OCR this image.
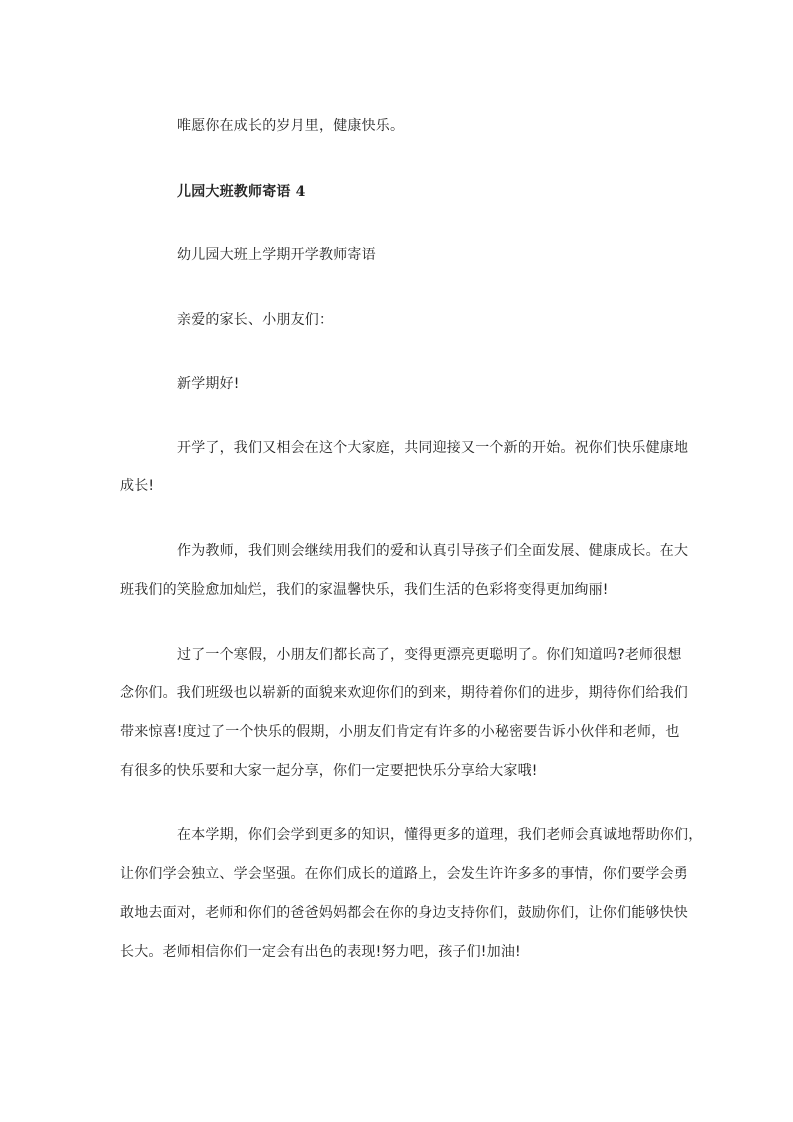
唯愿你在成长的岁月里，健康快乐。
儿园大班教师寄语 4
幼儿园大班上学期开学教师寄语
亲爱的家长、小朋友们：
新学期好!
开学了，我们又相会在这个大家庭，共同迎接又一个新的开始。祝你们快乐健康地
成长!
作为教师，我们则会继续用我们的爱和认真引导孩子们全面发展、健康成长。在大
班我们的笑脸愈加灿烂，我们的家温馨快乐，我们生活的色彩将变得更加绚丽!
过了一个寒假，小朋友们都长高了，变得更漂亮更聪明了。你们知道吗?老师很想
念你们。我们班级也以崭新的面貌来欢迎你们的到来，期待着你们的进步，期待你们给我们
带来惊喜!度过了一个快乐的假期，小朋友们肯定有许多的小秘密要告诉小伙伴和老师，也
有很多的快乐要和大家一起分享，你们一定要把快乐分享给大家哦!
在本学期，你们会学到更多的知识，懂得更多的道理，我们老师会真诚地帮助你们，
让你们学会独立、学会坚强。在你们成长的道路上，会发生许许多多的事情，你们要学会勇
敢地去面对，老师和你们的爸爸妈妈都会在你的身边支持你们，鼓励你们，让你们能够快快
长大。老师相信你们一定会有出色的表现!努力吧，孩子们!加油!
